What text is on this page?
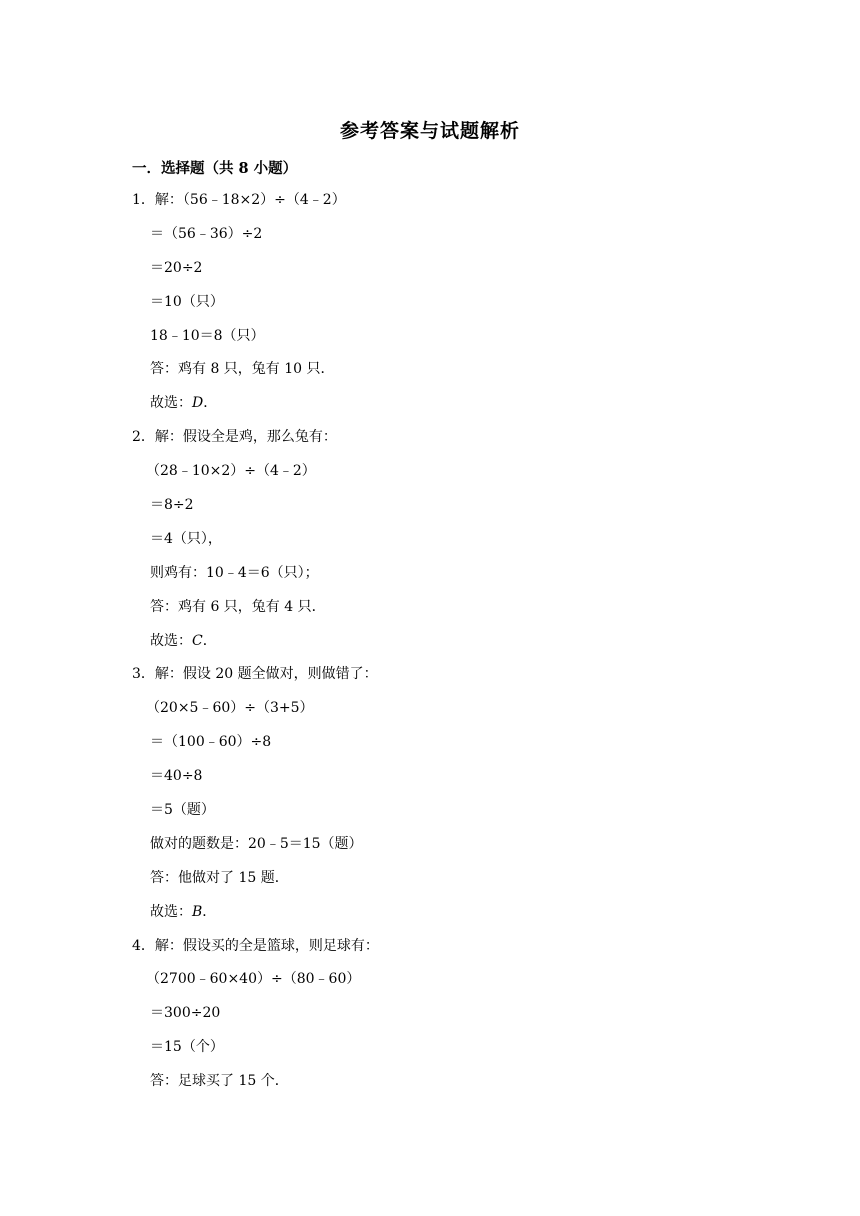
参考答案与试题解析
一．选择题（共 8 小题）
1．解：（56﹣18×2）÷（4﹣2）
＝（56﹣36）÷2
＝20÷2
＝10（只）
18﹣10＝8（只）
答：鸡有 8 只，兔有 10 只．
故选：D．
2．解：假设全是鸡，那么兔有：
（28﹣10×2）÷（4﹣2）
＝8÷2
＝4（只），
则鸡有：10﹣4＝6（只）；
答：鸡有 6 只，兔有 4 只．
故选：C．
3．解：假设 20 题全做对，则做错了：
（20×5﹣60）÷（3+5）
＝（100﹣60）÷8
＝40÷8
＝5（题）
做对的题数是：20﹣5＝15（题）
答：他做对了 15 题．
故选：B．
4．解：假设买的全是篮球，则足球有：
（2700﹣60×40）÷（80﹣60）
＝300÷20
＝15（个）
答：足球买了 15 个．
